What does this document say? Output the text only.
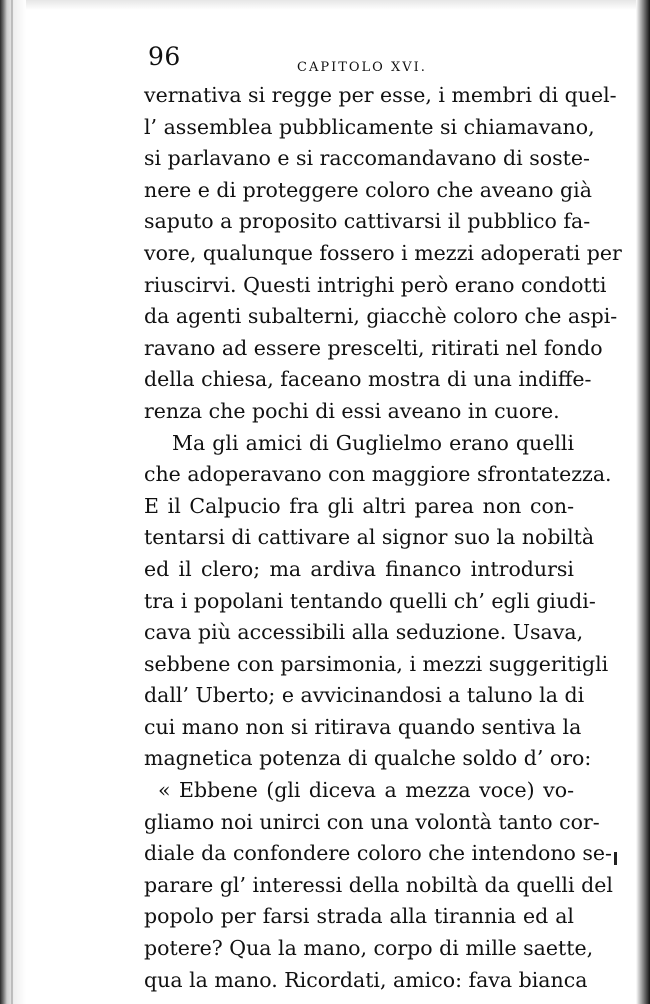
96	CAPITOLO XVI.
vernativa si regge per esse, i membri di quel-
l’ assemblea pubblicamente si chiamavano,
si parlavano e si raccomandavano di soste-
nere e di proteggere coloro che aveano già
saputo a proposito cattivarsi il pubblico fa-
vore, qualunque fossero i mezzi adoperati per
riuscirvi. Questi intrighi però erano condotti
da agenti subalterni, giacchè coloro che aspi-
ravano ad essere prescelti, ritirati nel fondo
della chiesa, faceano mostra di una indiffe-
renza che pochi di essi aveano in cuore.
Ma gli amici di Guglielmo erano quelli
che adoperavano con maggiore sfrontatezza.
E il Calpucio fra gli altri parea non con-
tentarsi di cattivare al signor suo la nobiltà
ed il clero; ma ardiva financo introdursi
tra i popolani tentando quelli ch’ egli giudi-
cava più accessibili alla seduzione. Usava,
sebbene con parsimonia, i mezzi suggeritigli
dall’ Uberto; e avvicinandosi a taluno la di
cui mano non si ritirava quando sentiva la
magnetica potenza di qualche soldo d’ oro:
« Ebbene (gli diceva a mezza voce) vo-
gliamo noi unirci con una volontà tanto cor-
diale da confondere coloro che intendono se-
parare gl’ interessi della nobiltà da quelli del
popolo per farsi strada alla tirannia ed al
potere? Qua la mano, corpo di mille saette,
qua la mano. Ricordati, amico: fava bianca
